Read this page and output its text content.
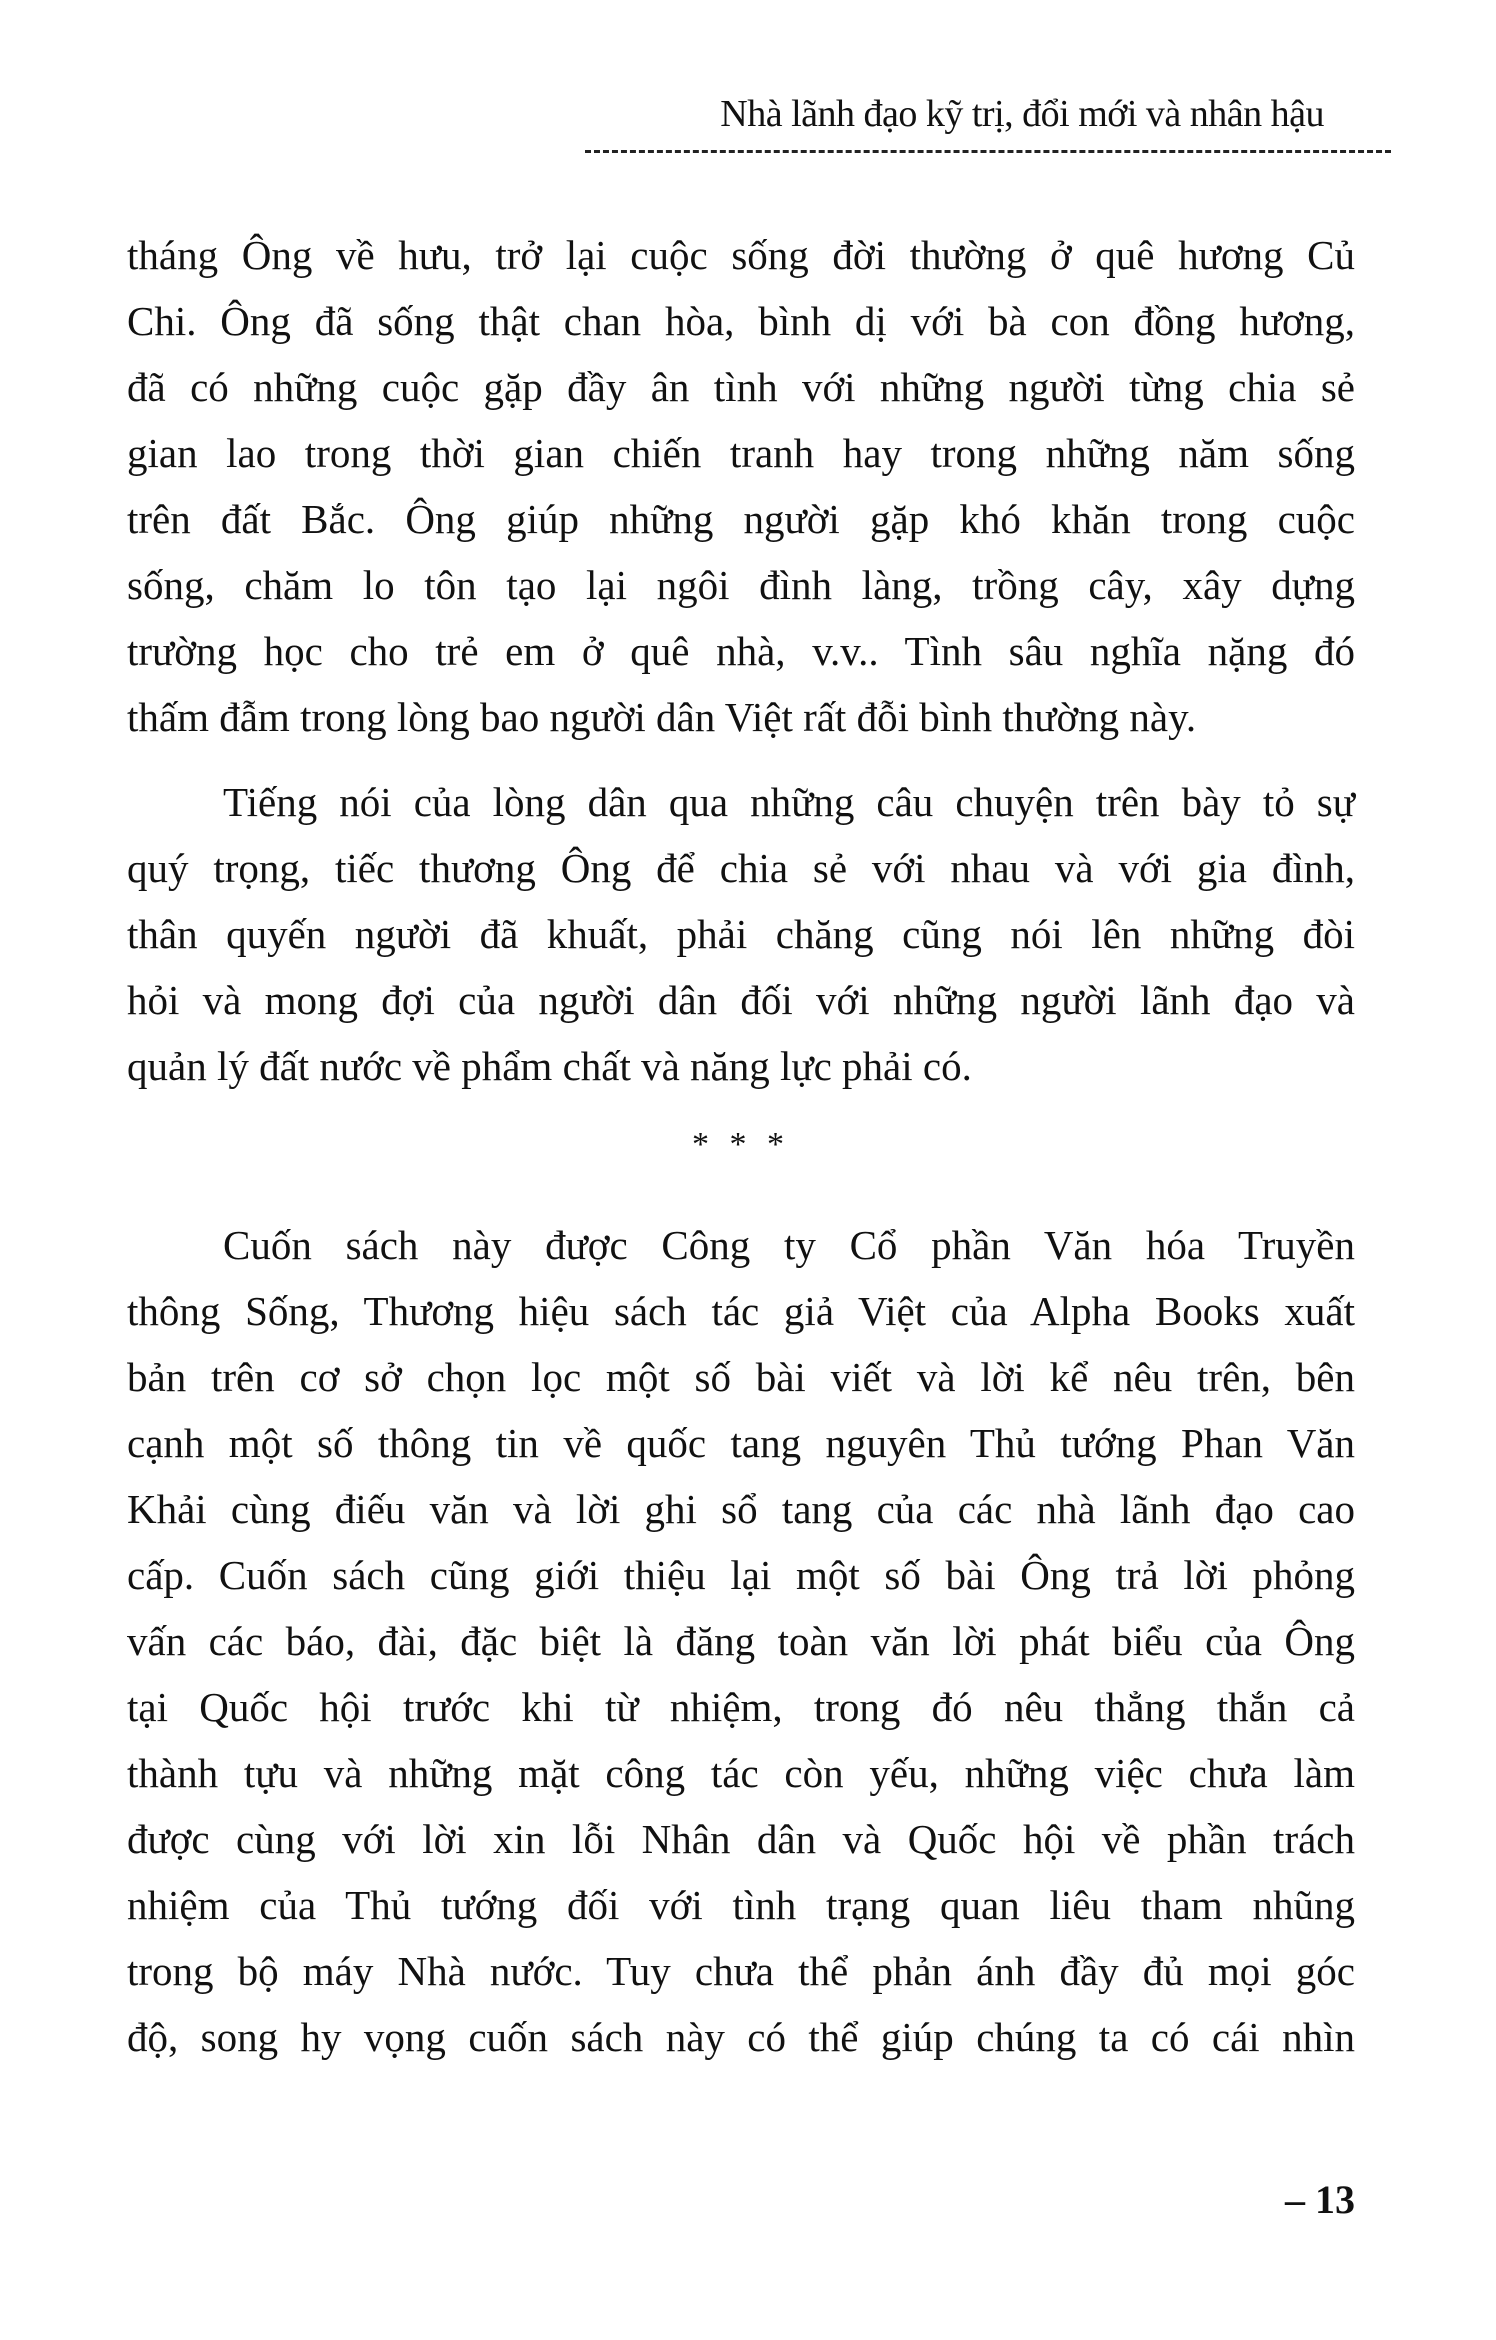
Nhà lãnh đạo kỹ trị, đổi mới và nhân hậu
tháng Ông về hưu, trở lại cuộc sống đời thường ở quê hương Củ
Chi. Ông đã sống thật chan hòa, bình dị với bà con đồng hương,
đã có những cuộc gặp đầy ân tình với những người từng chia sẻ
gian lao trong thời gian chiến tranh hay trong những năm sống
trên đất Bắc. Ông giúp những người gặp khó khăn trong cuộc
sống, chăm lo tôn tạo lại ngôi đình làng, trồng cây, xây dựng
trường học cho trẻ em ở quê nhà, v.v.. Tình sâu nghĩa nặng đó
thấm đẫm trong lòng bao người dân Việt rất đỗi bình thường này.
Tiếng nói của lòng dân qua những câu chuyện trên bày tỏ sự
quý trọng, tiếc thương Ông để chia sẻ với nhau và với gia đình,
thân quyến người đã khuất, phải chăng cũng nói lên những đòi
hỏi và mong đợi của người dân đối với những người lãnh đạo và
quản lý đất nước về phẩm chất và năng lực phải có.
* * *
Cuốn sách này được Công ty Cổ phần Văn hóa Truyền
thông Sống, Thương hiệu sách tác giả Việt của Alpha Books xuất
bản trên cơ sở chọn lọc một số bài viết và lời kể nêu trên, bên
cạnh một số thông tin về quốc tang nguyên Thủ tướng Phan Văn
Khải cùng điếu văn và lời ghi sổ tang của các nhà lãnh đạo cao
cấp. Cuốn sách cũng giới thiệu lại một số bài Ông trả lời phỏng
vấn các báo, đài, đặc biệt là đăng toàn văn lời phát biểu của Ông
tại Quốc hội trước khi từ nhiệm, trong đó nêu thẳng thắn cả
thành tựu và những mặt công tác còn yếu, những việc chưa làm
được cùng với lời xin lỗi Nhân dân và Quốc hội về phần trách
nhiệm của Thủ tướng đối với tình trạng quan liêu tham nhũng
trong bộ máy Nhà nước. Tuy chưa thể phản ánh đầy đủ mọi góc
độ, song hy vọng cuốn sách này có thể giúp chúng ta có cái nhìn
– 13
